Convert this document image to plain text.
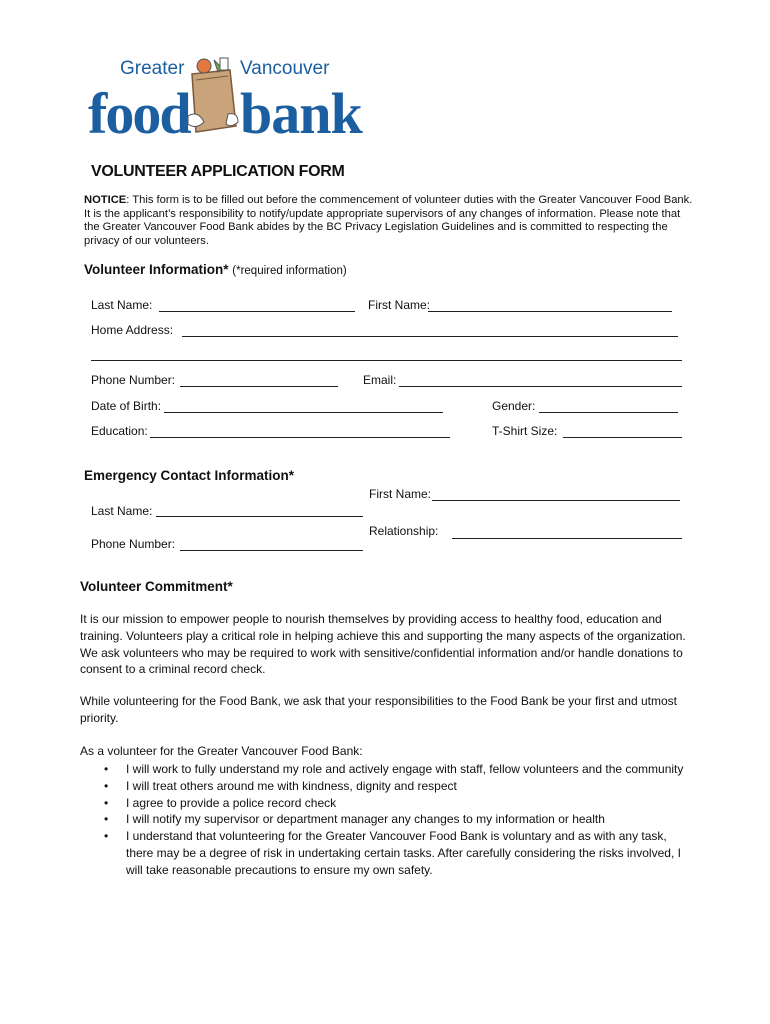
Greater	Vancouver
food bank
VOLUNTEER APPLICATION FORM
NOTICE: This form is to be filled out before the commencement of volunteer duties with the Greater Vancouver Food Bank. It is the applicant’s responsibility to notify/update appropriate supervisors of any changes of information. Please note that the Greater Vancouver Food Bank abides by the BC Privacy Legislation Guidelines and is committed to respecting the privacy of our volunteers.
Volunteer Information* (*required information)
Last Name:	First Name:
Home Address:
Phone Number:	Email:
Date of Birth:	Gender:
Education:	T-Shirt Size:
Emergency Contact Information*
First Name:
Last Name:
Relationship:
Phone Number:
Volunteer Commitment*
It is our mission to empower people to nourish themselves by providing access to healthy food, education and training. Volunteers play a critical role in helping achieve this and supporting the many aspects of the organization. We ask volunteers who may be required to work with sensitive/confidential information and/or handle donations to consent to a criminal record check.
While volunteering for the Food Bank, we ask that your responsibilities to the Food Bank be your first and utmost priority.
As a volunteer for the Greater Vancouver Food Bank:
• I will work to fully understand my role and actively engage with staff, fellow volunteers and the community
• I will treat others around me with kindness, dignity and respect
• I agree to provide a police record check
• I will notify my supervisor or department manager any changes to my information or health
• I understand that volunteering for the Greater Vancouver Food Bank is voluntary and as with any task, there may be a degree of risk in undertaking certain tasks. After carefully considering the risks involved, I will take reasonable precautions to ensure my own safety.
